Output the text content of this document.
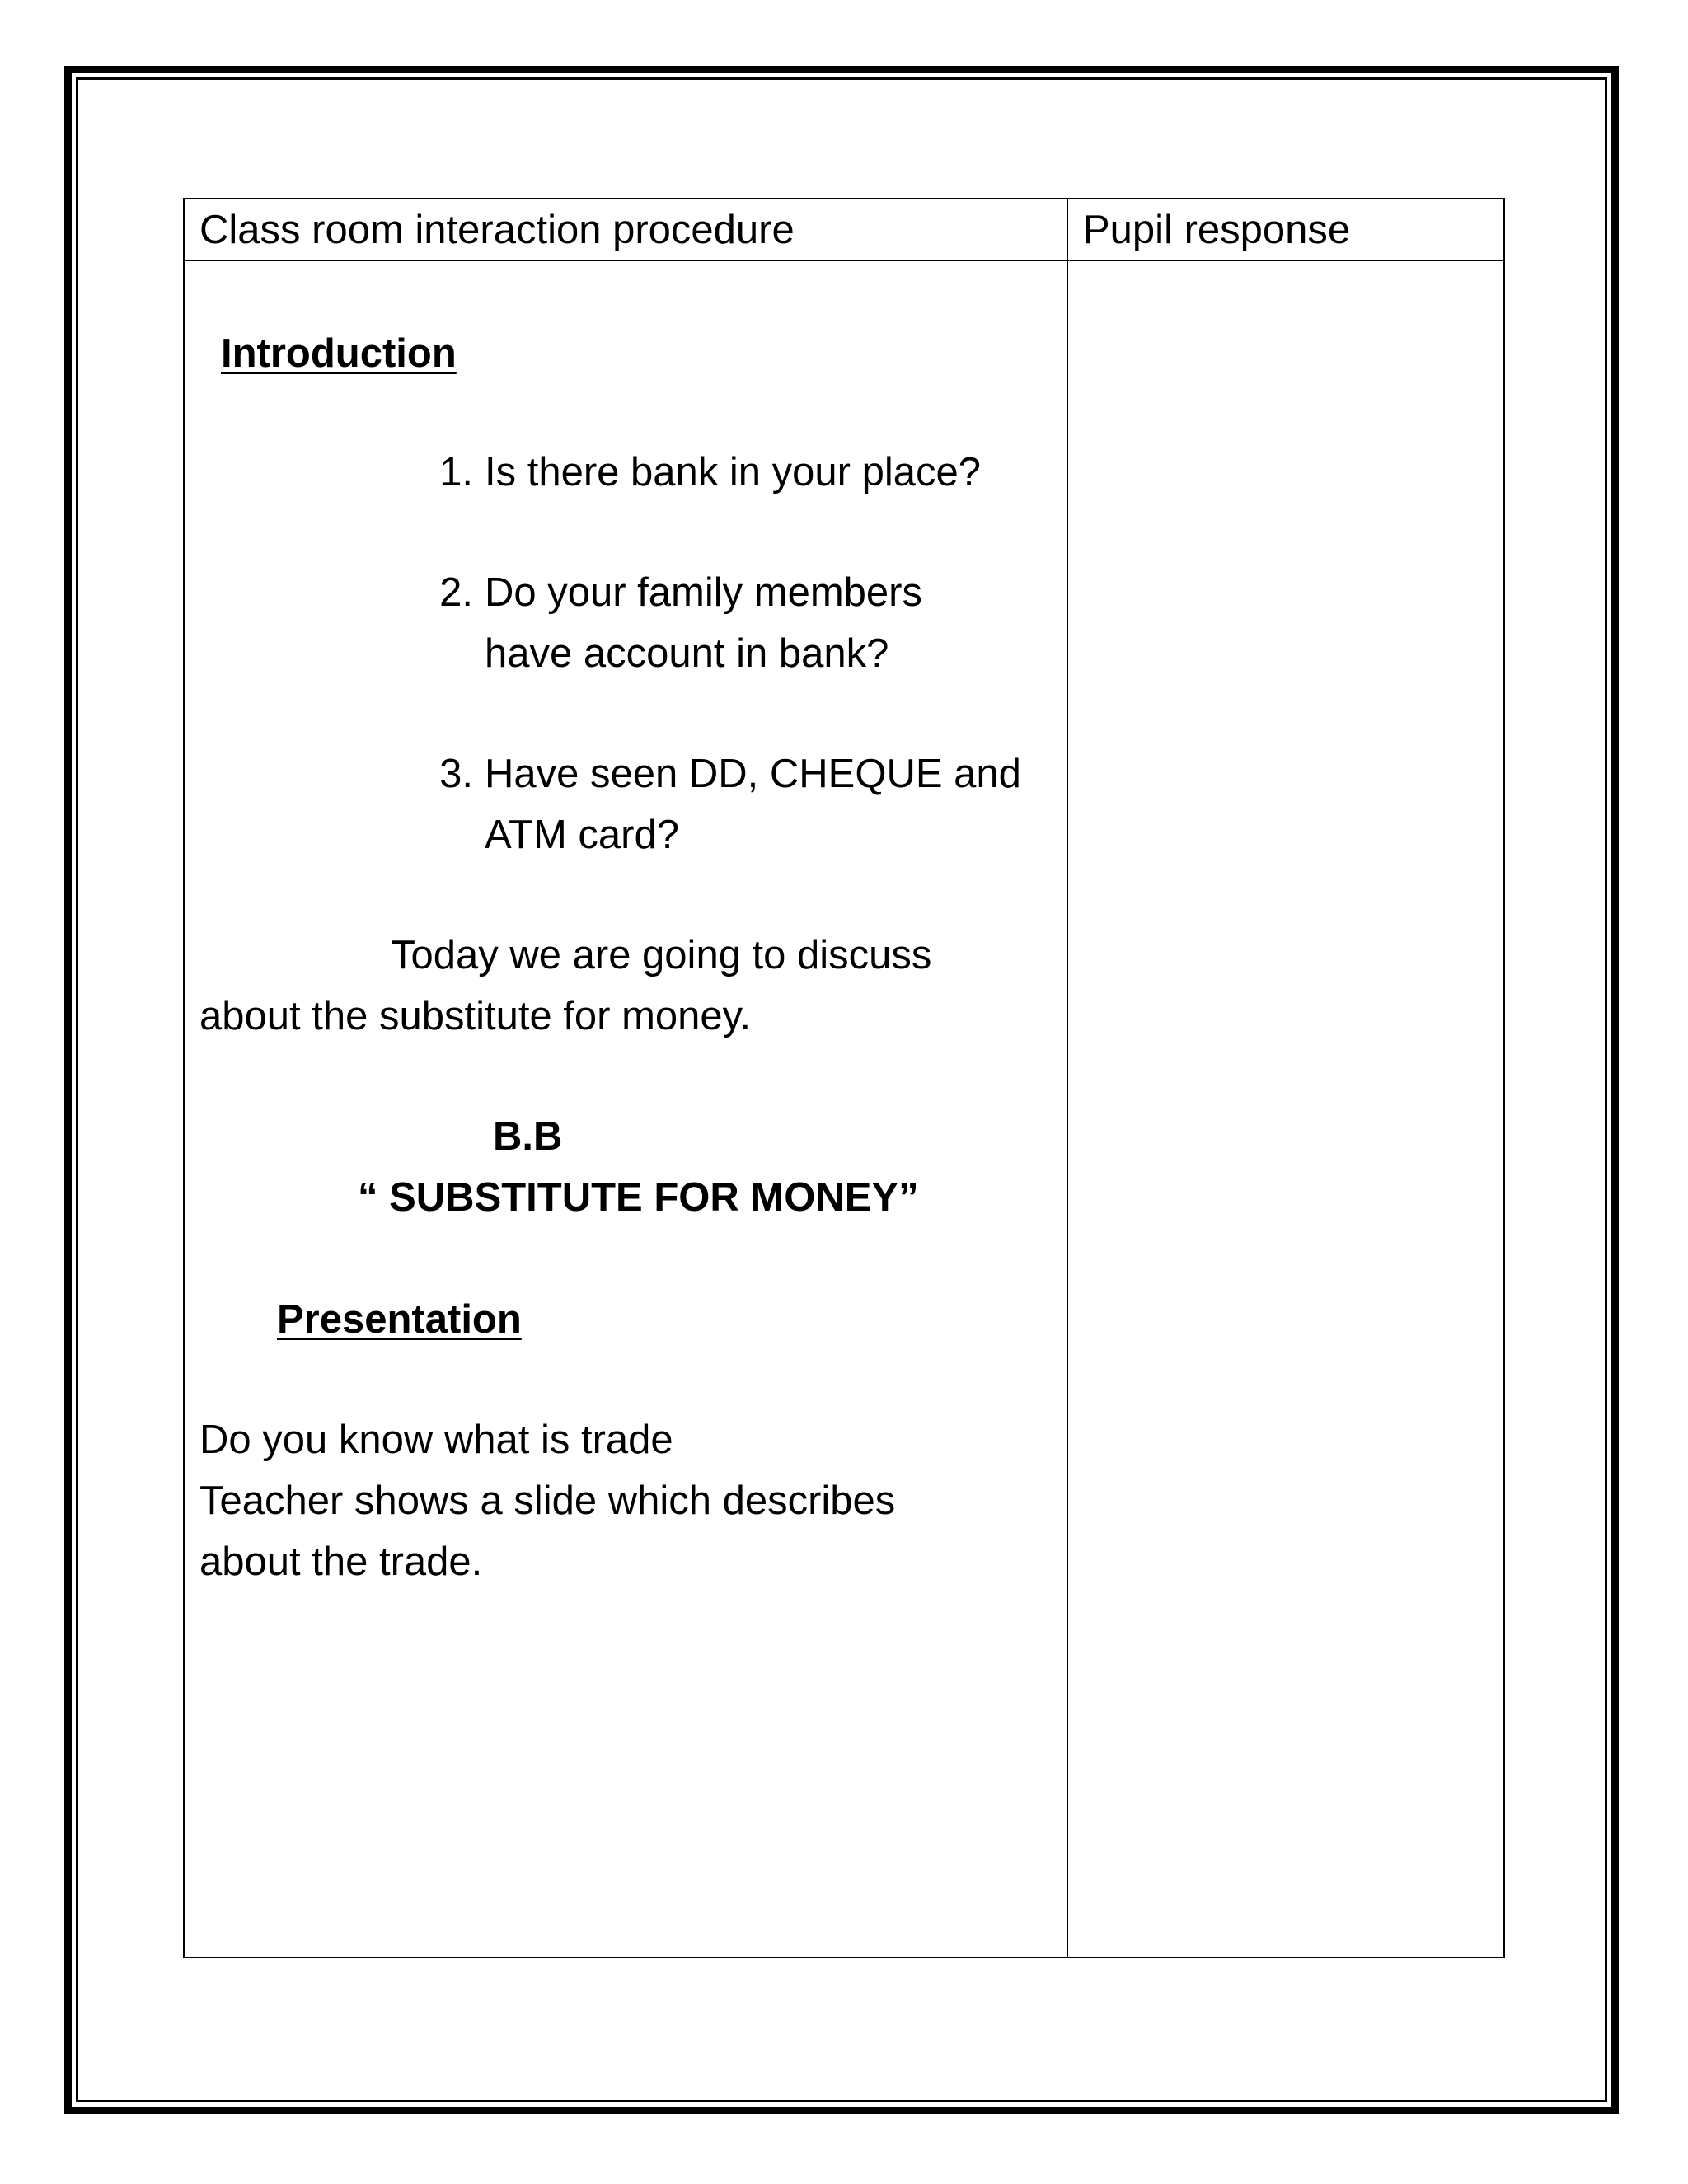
Class room interaction procedure	Pupil response
Introduction
1. Is there bank in your place?
2. Do your family members
have account in bank?
3. Have seen DD, CHEQUE and
ATM card?
Today we are going to discuss
about the substitute for money.
B.B
“ SUBSTITUTE FOR MONEY”
Presentation
Do you know what is trade
Teacher shows a slide which describes
about the trade.
